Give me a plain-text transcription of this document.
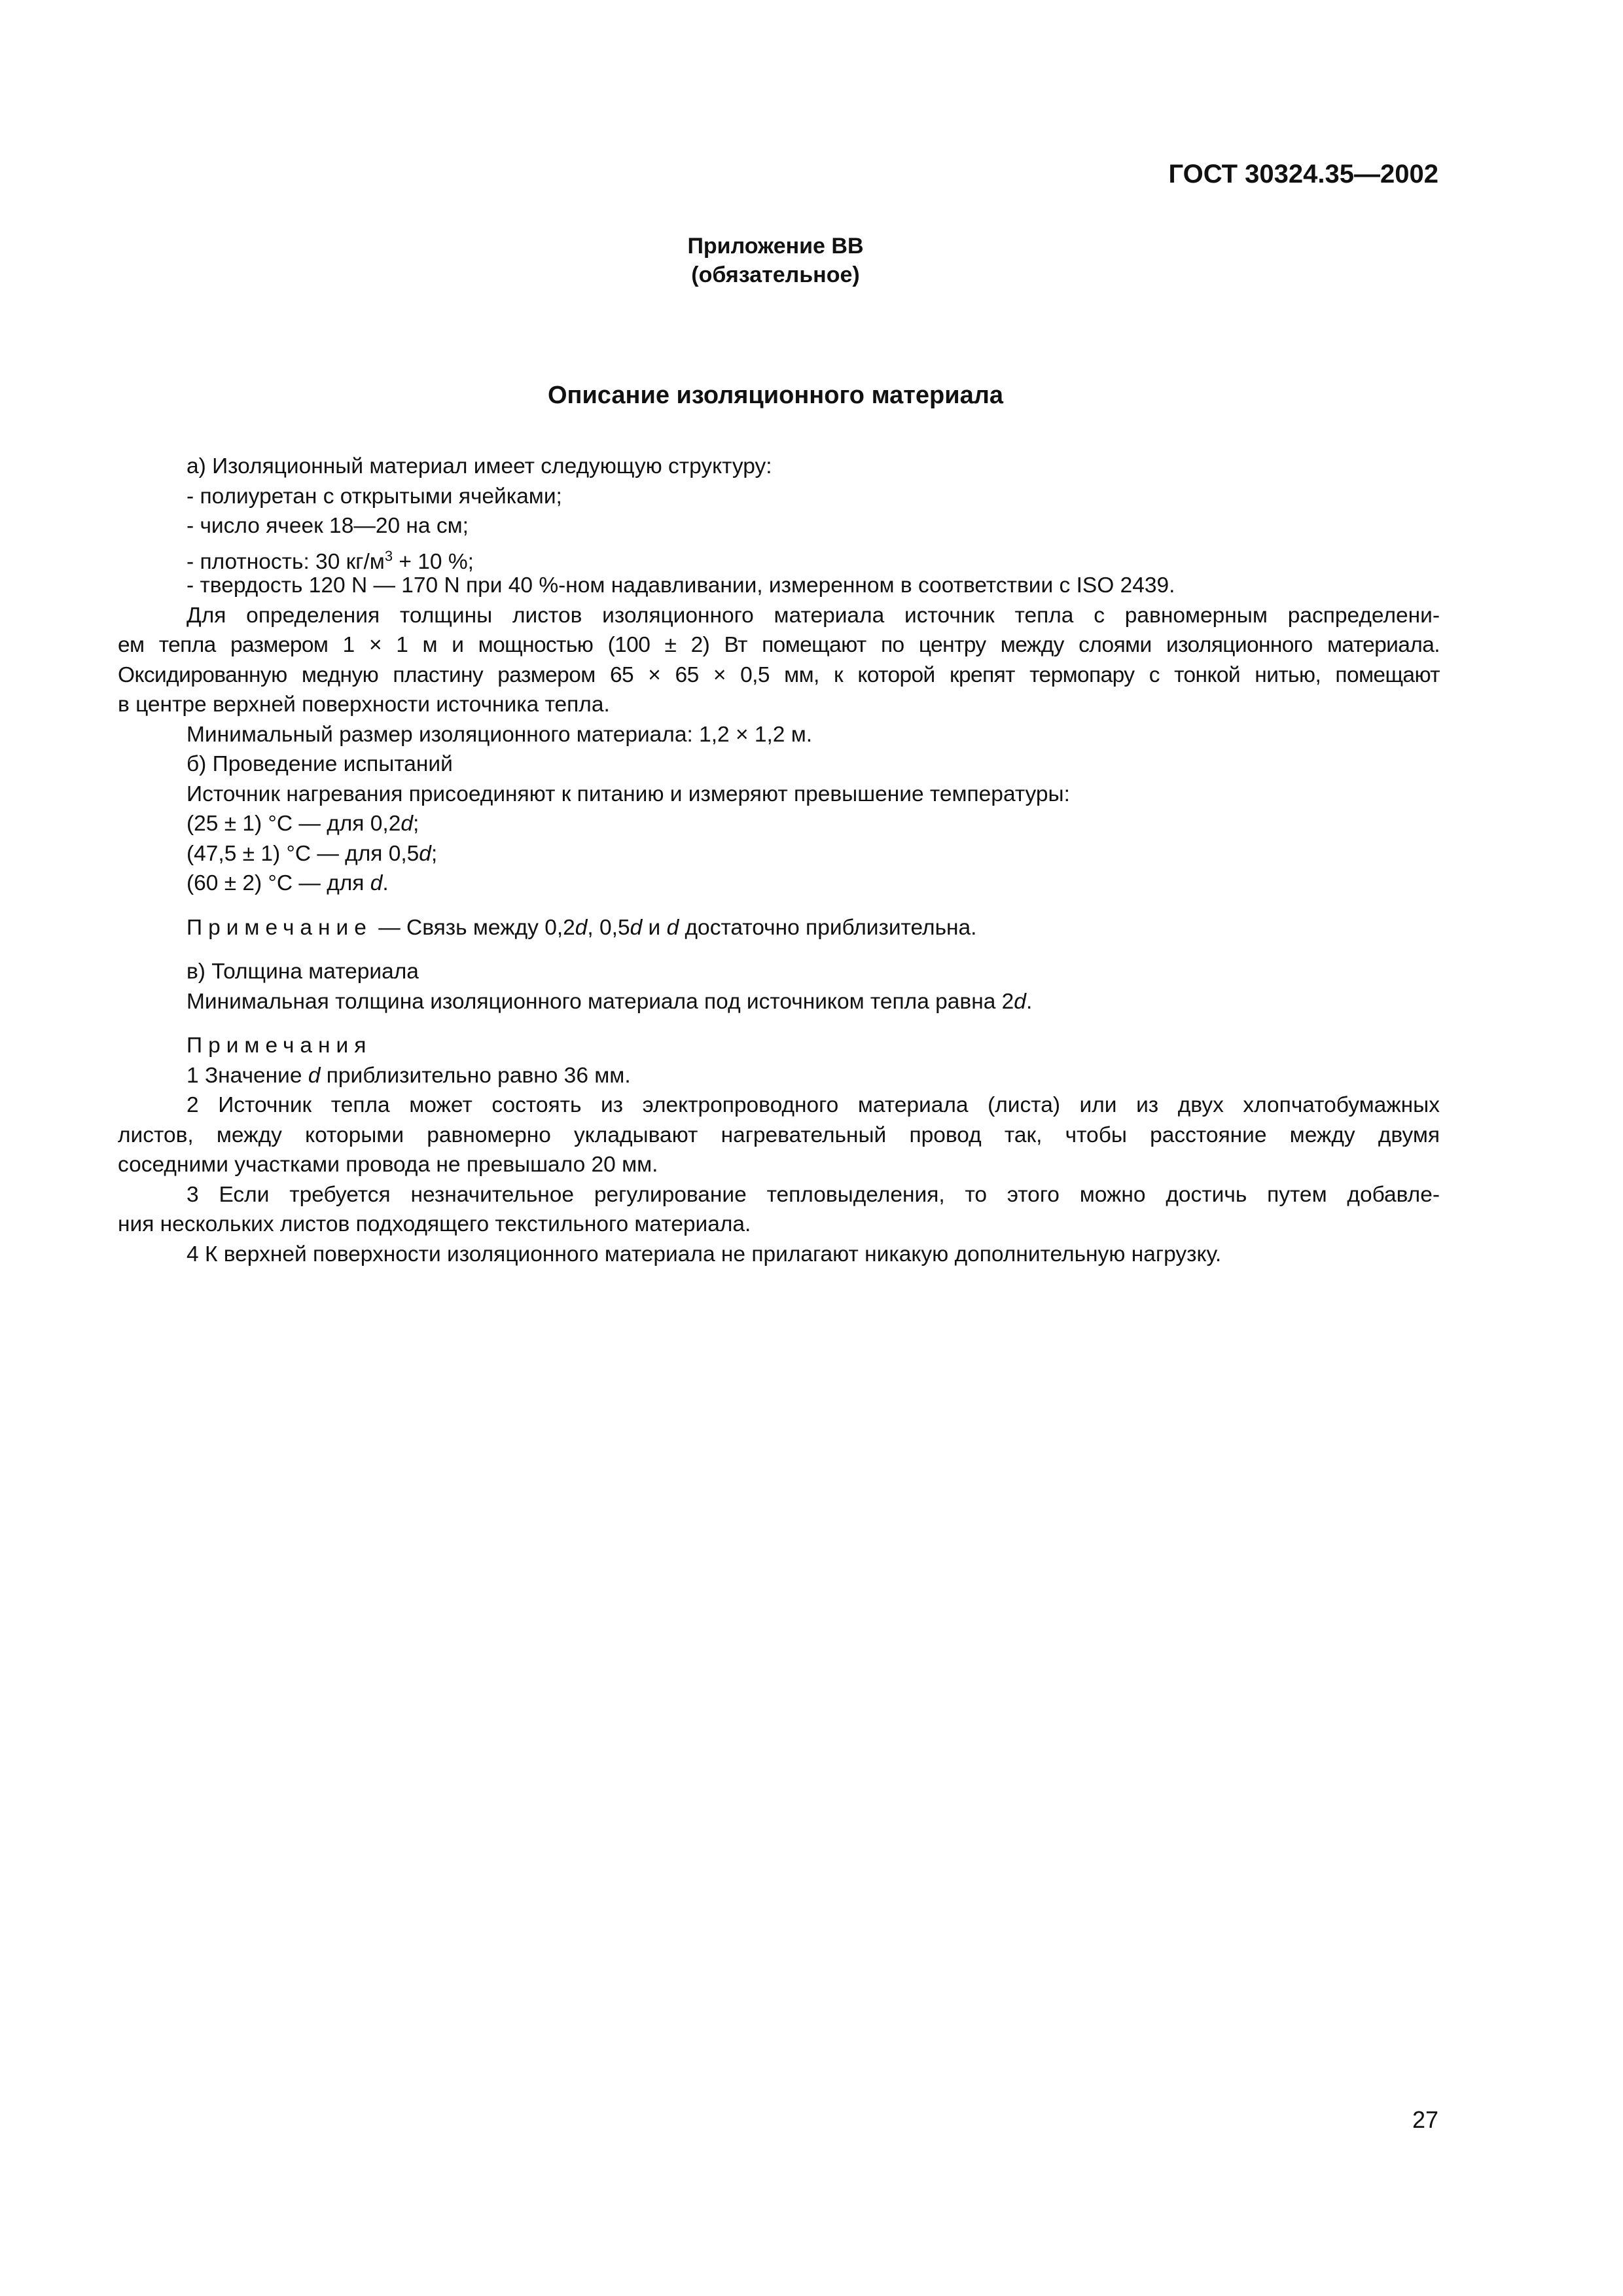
ГОСТ 30324.35—2002
Приложение ВВ
(обязательное)
Описание изоляционного материала
а) Изоляционный материал имеет следующую структуру:
- полиуретан с открытыми ячейками;
- число ячеек 18—20 на см;
- плотность: 30 $кг/м^3 + 10$ %;
- твердость 120 N — 170 N при 40 %-ном надавливании, измеренном в соответствии с ISO 2439.
Для определения толщины листов изоляционного материала источник тепла с равномерным распределени-
ем тепла размером 1 × 1 м и мощностью (100 ± 2) Вт помещают по центру между слоями изоляционного материала.
Оксидированную медную пластину размером 65 × 65 × 0,5 мм, к которой крепят термопару с тонкой нитью, помещают
в центре верхней поверхности источника тепла.
Минимальный размер изоляционного материала: 1,2 × 1,2 м.
б) Проведение испытаний
Источник нагревания присоединяют к питанию и измеряют превышение температуры:
(25 ± 1) °С — для 0,2d;
(47,5 ± 1) °С — для 0,5d;
(60 ± 2) °С — для d.
Примечание — Связь между 0,2d, 0,5d и d достаточно приблизительна.
в) Толщина материала
Минимальная толщина изоляционного материала под источником тепла равна 2d.
Примечания
1 Значение d приблизительно равно 36 мм.
2 Источник тепла может состоять из электропроводного материала (листа) или из двух хлопчатобумажных
листов, между которыми равномерно укладывают нагревательный провод так, чтобы расстояние между двумя
соседними участками провода не превышало 20 мм.
3 Если требуется незначительное регулирование тепловыделения, то этого можно достичь путем добавле-
ния нескольких листов подходящего текстильного материала.
4 К верхней поверхности изоляционного материала не прилагают никакую дополнительную нагрузку.
27
